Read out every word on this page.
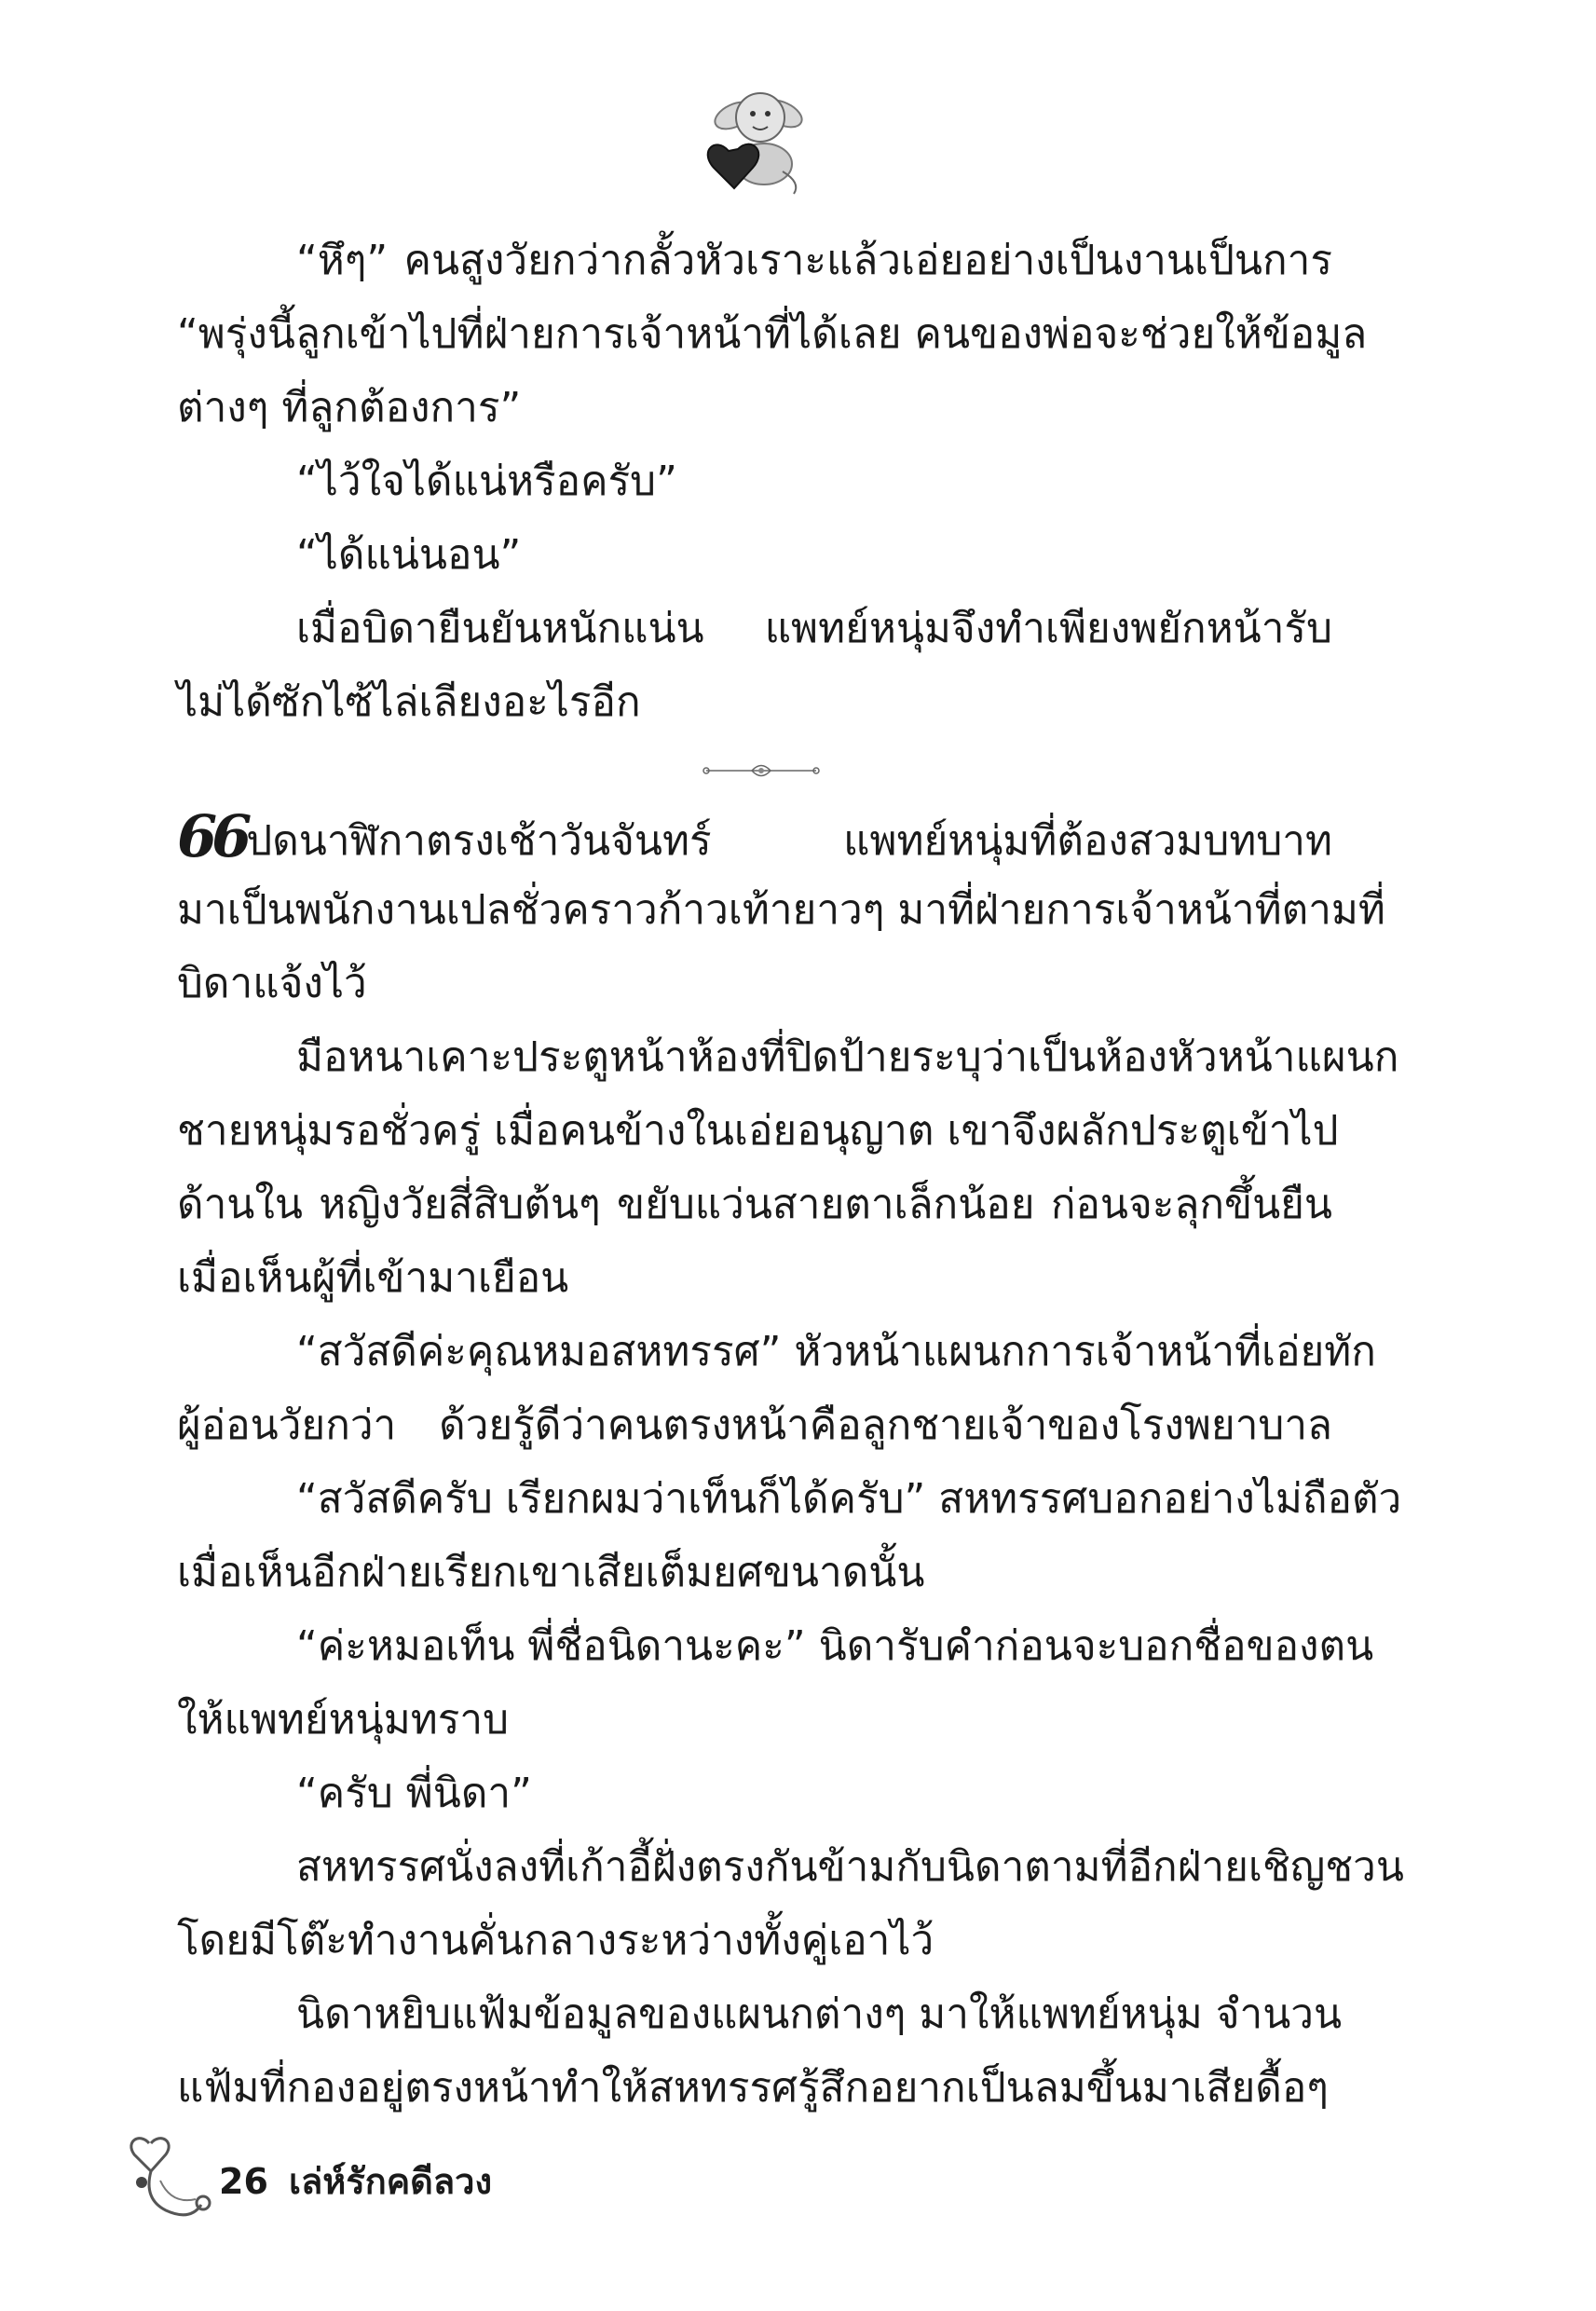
“หึๆ” คนสูงวัยกว่ากลั้วหัวเราะแล้วเอ่ยอย่างเป็นงานเป็นการ
“พรุ่งนี้ลูกเข้าไปที่ฝ่ายการเจ้าหน้าที่ได้เลย คนของพ่อจะช่วยให้ข้อมูล
ต่างๆ ที่ลูกต้องการ”
“ไว้ใจได้แน่หรือครับ”
“ได้แน่นอน”
เมื่อบิดายืนยันหนักแน่น แพทย์หนุ่มจึงทำเพียงพยักหน้ารับ
ไม่ได้ซักไซ้ไล่เลียงอะไรอีก
66ปดนาฬิกาตรงเช้าวันจันทร์ แพทย์หนุ่มที่ต้องสวมบทบาท
มาเป็นพนักงานเปลชั่วคราวก้าวเท้ายาวๆ มาที่ฝ่ายการเจ้าหน้าที่ตามที่
บิดาแจ้งไว้
มือหนาเคาะประตูหน้าห้องที่ปิดป้ายระบุว่าเป็นห้องหัวหน้าแผนก
ชายหนุ่มรอชั่วครู่ เมื่อคนข้างในเอ่ยอนุญาต เขาจึงผลักประตูเข้าไป
ด้านใน หญิงวัยสี่สิบต้นๆ ขยับแว่นสายตาเล็กน้อย ก่อนจะลุกขึ้นยืน
เมื่อเห็นผู้ที่เข้ามาเยือน
“สวัสดีค่ะคุณหมอสหทรรศ” หัวหน้าแผนกการเจ้าหน้าที่เอ่ยทัก
ผู้อ่อนวัยกว่า ด้วยรู้ดีว่าคนตรงหน้าคือลูกชายเจ้าของโรงพยาบาล
“สวัสดีครับ เรียกผมว่าเท็นก็ได้ครับ” สหทรรศบอกอย่างไม่ถือตัว
เมื่อเห็นอีกฝ่ายเรียกเขาเสียเต็มยศขนาดนั้น
“ค่ะหมอเท็น พี่ชื่อนิดานะคะ” นิดารับคำก่อนจะบอกชื่อของตน
ให้แพทย์หนุ่มทราบ
“ครับ พี่นิดา”
สหทรรศนั่งลงที่เก้าอี้ฝั่งตรงกันข้ามกับนิดาตามที่อีกฝ่ายเชิญชวน
โดยมีโต๊ะทำงานคั่นกลางระหว่างทั้งคู่เอาไว้
นิดาหยิบแฟ้มข้อมูลของแผนกต่างๆ มาให้แพทย์หนุ่ม จำนวน
แฟ้มที่กองอยู่ตรงหน้าทำให้สหทรรศรู้สึกอยากเป็นลมขึ้นมาเสียดื้อๆ
26 เล่ห์รักคดีลวง
